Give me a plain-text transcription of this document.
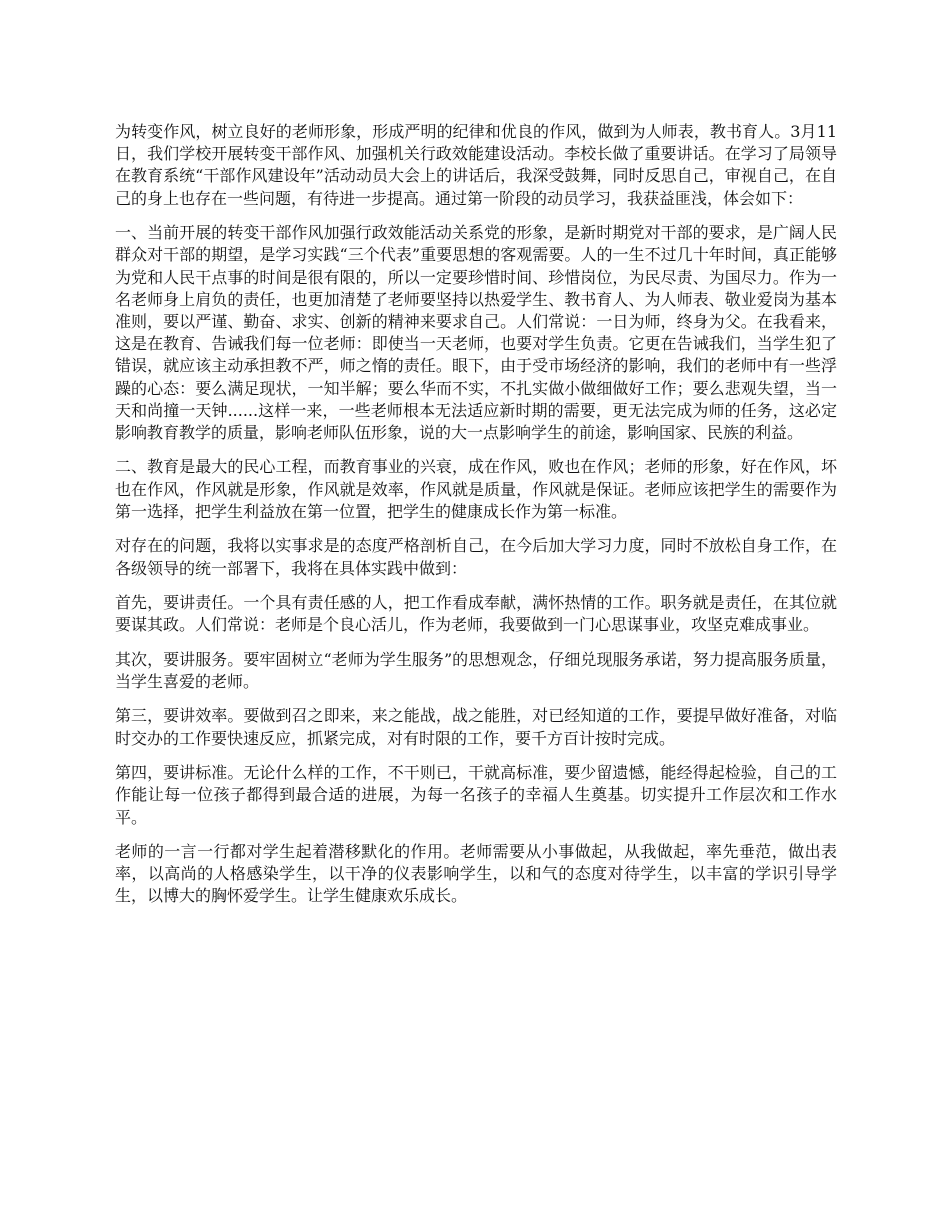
为转变作风，树立良好的老师形象，形成严明的纪律和优良的作风，做到为人师表，教书育人。3月11日，我们学校开展转变干部作风、加强机关行政效能建设活动。李校长做了重要讲话。在学习了局领导在教育系统“干部作风建设年”活动动员大会上的讲话后，我深受鼓舞，同时反思自己，审视自己，在自己的身上也存在一些问题，有待进一步提高。通过第一阶段的动员学习，我获益匪浅，体会如下：

一、当前开展的转变干部作风加强行政效能活动关系党的形象，是新时期党对干部的要求，是广阔人民群众对干部的期望，是学习实践“三个代表”重要思想的客观需要。人的一生不过几十年时间，真正能够为党和人民干点事的时间是很有限的，所以一定要珍惜时间、珍惜岗位，为民尽责、为国尽力。作为一名老师身上肩负的责任，也更加清楚了老师要坚持以热爱学生、教书育人、为人师表、敬业爱岗为基本准则，要以严谨、勤奋、求实、创新的精神来要求自己。人们常说：一日为师，终身为父。在我看来，这是在教育、告诫我们每一位老师：即使当一天老师，也要对学生负责。它更在告诫我们，当学生犯了错误，就应该主动承担教不严，师之惰的责任。眼下，由于受市场经济的影响，我们的老师中有一些浮躁的心态：要么满足现状，一知半解；要么华而不实，不扎实做小做细做好工作；要么悲观失望，当一天和尚撞一天钟......这样一来，一些老师根本无法适应新时期的需要，更无法完成为师的任务，这必定影响教育教学的质量，影响老师队伍形象，说的大一点影响学生的前途，影响国家、民族的利益。

二、教育是最大的民心工程，而教育事业的兴衰，成在作风，败也在作风；老师的形象，好在作风，坏也在作风，作风就是形象，作风就是效率，作风就是质量，作风就是保证。老师应该把学生的需要作为第一选择，把学生利益放在第一位置，把学生的健康成长作为第一标准。

对存在的问题，我将以实事求是的态度严格剖析自己，在今后加大学习力度，同时不放松自身工作，在各级领导的统一部署下，我将在具体实践中做到：

首先，要讲责任。一个具有责任感的人，把工作看成奉献，满怀热情的工作。职务就是责任，在其位就要谋其政。人们常说：老师是个良心活儿，作为老师，我要做到一门心思谋事业，攻坚克难成事业。

其次，要讲服务。要牢固树立“老师为学生服务”的思想观念，仔细兑现服务承诺，努力提高服务质量，当学生喜爱的老师。

第三，要讲效率。要做到召之即来，来之能战，战之能胜，对已经知道的工作，要提早做好准备，对临时交办的工作要快速反应，抓紧完成，对有时限的工作，要千方百计按时完成。

第四，要讲标准。无论什么样的工作，不干则已，干就高标准，要少留遗憾，能经得起检验，自己的工作能让每一位孩子都得到最合适的进展，为每一名孩子的幸福人生奠基。切实提升工作层次和工作水平。

老师的一言一行都对学生起着潜移默化的作用。老师需要从小事做起，从我做起，率先垂范，做出表率，以高尚的人格感染学生，以干净的仪表影响学生，以和气的态度对待学生，以丰富的学识引导学生，以博大的胸怀爱学生。让学生健康欢乐成长。
